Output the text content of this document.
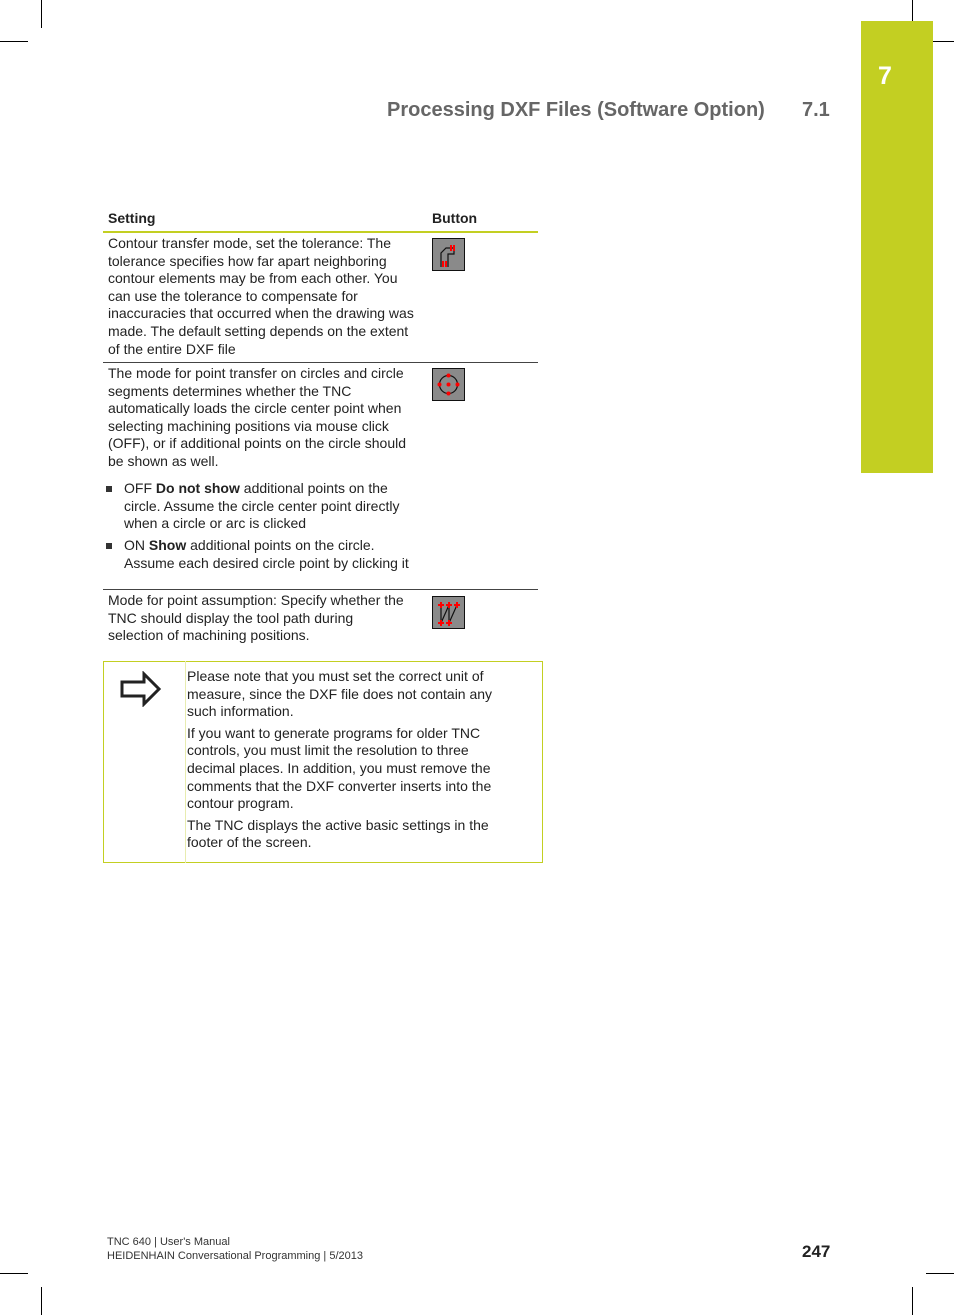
7
Processing DXF Files (Software Option) 7.1
Setting	Button
Contour transfer mode, set the tolerance: The tolerance specifies how far apart neighboring contour elements may be from each other. You can use the tolerance to compensate for inaccuracies that occurred when the drawing was made. The default setting depends on the extent of the entire DXF file
The mode for point transfer on circles and circle segments determines whether the TNC automatically loads the circle center point when selecting machining positions via mouse click (OFF), or if additional points on the circle should be shown as well.
OFF Do not show additional points on the circle. Assume the circle center point directly when a circle or arc is clicked
ON Show additional points on the circle. Assume each desired circle point by clicking it
Mode for point assumption: Specify whether the TNC should display the tool path during selection of machining positions.

Please note that you must set the correct unit of measure, since the DXF file does not contain any such information.

If you want to generate programs for older TNC controls, you must limit the resolution to three decimal places. In addition, you must remove the comments that the DXF converter inserts into the contour program.

The TNC displays the active basic settings in the footer of the screen.

TNC 640 | User's Manual
HEIDENHAIN Conversational Programming | 5/2013	247
